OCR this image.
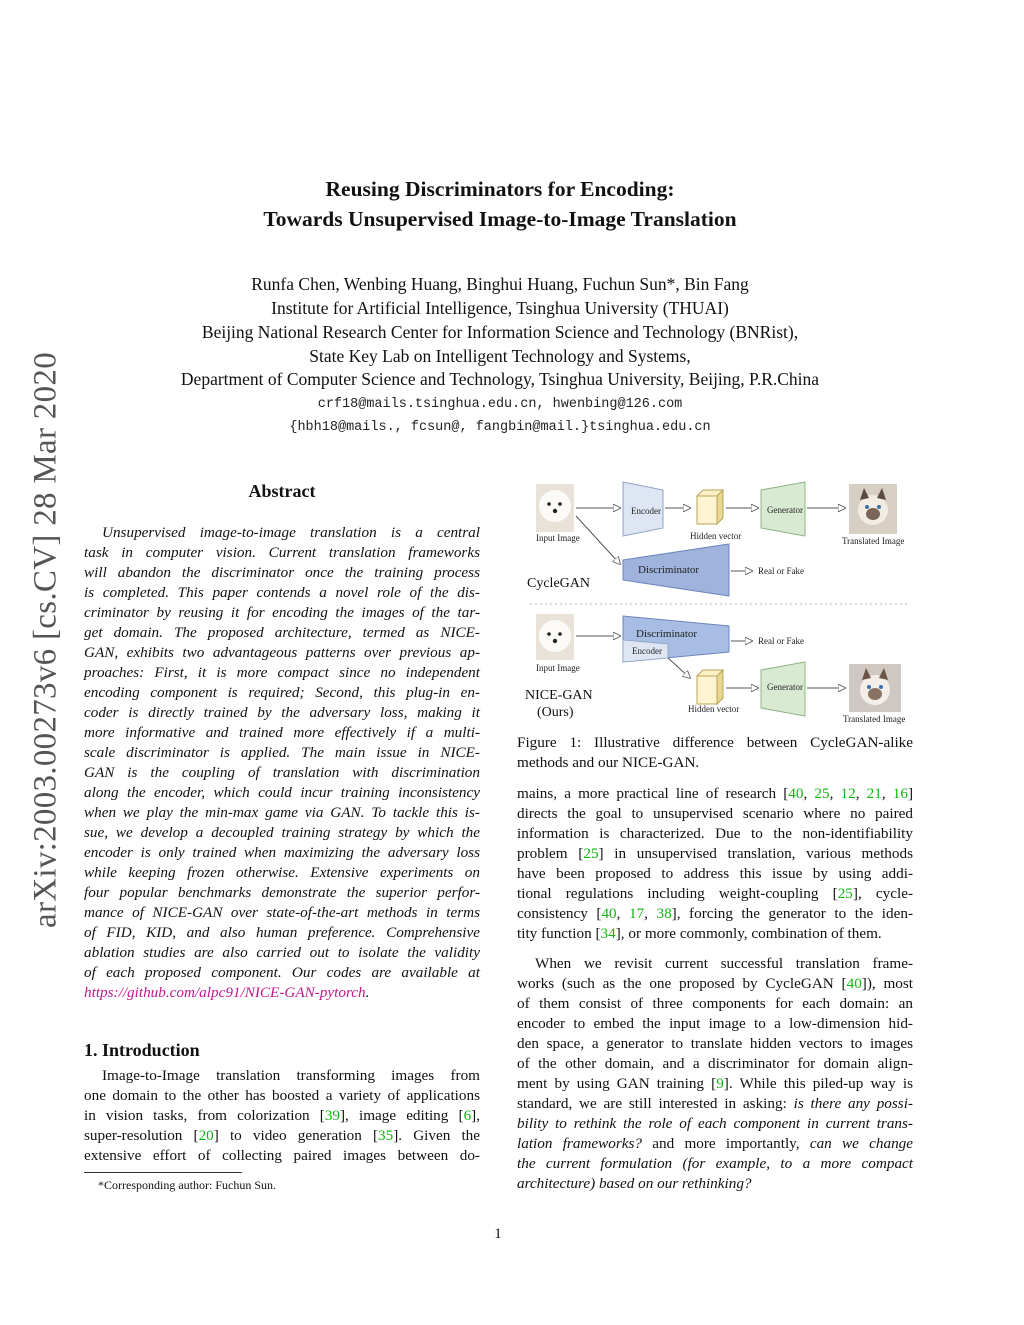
arXiv:2003.00273v6 [cs.CV] 28 Mar 2020
Reusing Discriminators for Encoding:
Towards Unsupervised Image-to-Image Translation
Runfa Chen, Wenbing Huang, Binghui Huang, Fuchun Sun*, Bin Fang
Institute for Artificial Intelligence, Tsinghua University (THUAI)
Beijing National Research Center for Information Science and Technology (BNRist),
State Key Lab on Intelligent Technology and Systems,
Department of Computer Science and Technology, Tsinghua University, Beijing, P.R.China
crf18@mails.tsinghua.edu.cn, hwenbing@126.com
{hbh18@mails., fcsun@, fangbin@mail.}tsinghua.edu.cn
Abstract
Unsupervised image-to-image translation is a central
task in computer vision. Current translation frameworks
will abandon the discriminator once the training process
is completed. This paper contends a novel role of the dis-
criminator by reusing it for encoding the images of the tar-
get domain. The proposed architecture, termed as NICE-
GAN, exhibits two advantageous patterns over previous ap-
proaches: First, it is more compact since no independent
encoding component is required; Second, this plug-in en-
coder is directly trained by the adversary loss, making it
more informative and trained more effectively if a multi-
scale discriminator is applied. The main issue in NICE-
GAN is the coupling of translation with discrimination
along the encoder, which could incur training inconsistency
when we play the min-max game via GAN. To tackle this is-
sue, we develop a decoupled training strategy by which the
encoder is only trained when maximizing the adversary loss
while keeping frozen otherwise. Extensive experiments on
four popular benchmarks demonstrate the superior perfor-
mance of NICE-GAN over state-of-the-art methods in terms
of FID, KID, and also human preference. Comprehensive
ablation studies are also carried out to isolate the validity
of each proposed component. Our codes are available at
https://github.com/alpc91/NICE-GAN-pytorch.
1. Introduction
Image-to-Image translation transforming images from
one domain to the other has boosted a variety of applications
in vision tasks, from colorization [39], image editing [6],
super-resolution [20] to video generation [35]. Given the
extensive effort of collecting paired images between do-
*Corresponding author: Fuchun Sun.
Input Image
Encoder
Hidden vector
Generator
Translated Image
Discriminator	Real or Fake
CycleGAN
Input Image
Discriminator
Encoder
Real or Fake
Generator
Hidden vector
Translated Image
NICE-GAN
(Ours)
Figure 1: Illustrative difference between CycleGAN-alike
methods and our NICE-GAN.
mains, a more practical line of research [40, 25, 12, 21, 16]
directs the goal to unsupervised scenario where no paired
information is characterized. Due to the non-identifiability
problem [25] in unsupervised translation, various methods
have been proposed to address this issue by using addi-
tional regulations including weight-coupling [25], cycle-
consistency [40, 17, 38], forcing the generator to the iden-
tity function [34], or more commonly, combination of them.
When we revisit current successful translation frame-
works (such as the one proposed by CycleGAN [40]), most
of them consist of three components for each domain: an
encoder to embed the input image to a low-dimension hid-
den space, a generator to translate hidden vectors to images
of the other domain, and a discriminator for domain align-
ment by using GAN training [9]. While this piled-up way is
standard, we are still interested in asking: is there any possi-
bility to rethink the role of each component in current trans-
lation frameworks? and more importantly, can we change
the current formulation (for example, to a more compact
architecture) based on our rethinking?
1
